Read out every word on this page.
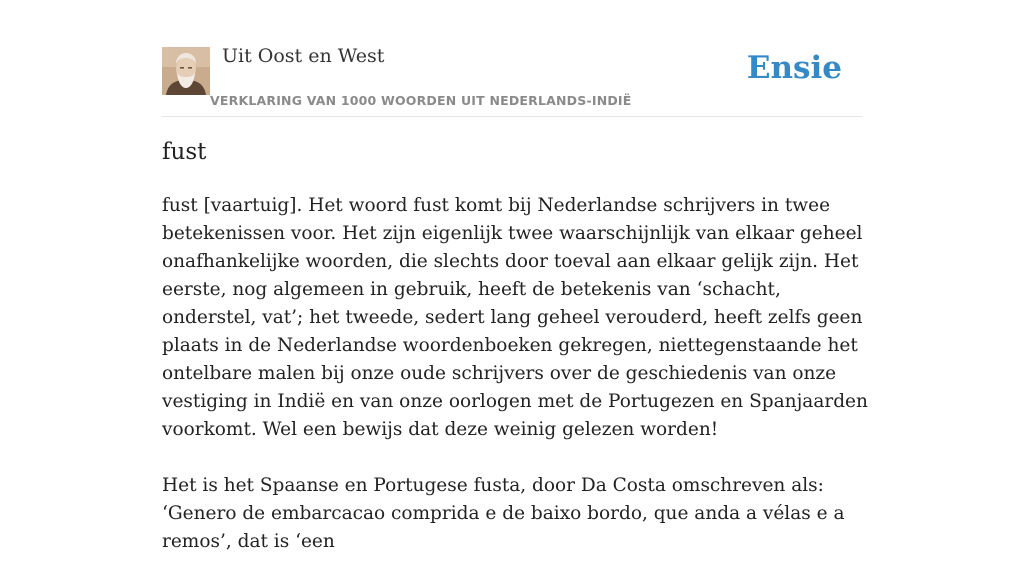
Uit Oost en West
VERKLARING VAN 1000 WOORDEN UIT NEDERLANDS-INDIË
Ensie
fust

fust [vaartuig]. Het woord fust komt bij Nederlandse schrijvers in twee betekenissen voor. Het zijn eigenlijk twee waarschijnlijk van elkaar geheel onafhankelijke woorden, die slechts door toeval aan elkaar gelijk zijn. Het eerste, nog algemeen in gebruik, heeft de betekenis van ‘schacht, onderstel, vat’; het tweede, sedert lang geheel verouderd, heeft zelfs geen plaats in de Nederlandse woordenboeken gekregen, niettegenstaande het ontelbare malen bij onze oude schrijvers over de geschiedenis van onze vestiging in Indië en van onze oorlogen met de Portugezen en Spanjaarden voorkomt. Wel een bewijs dat deze weinig gelezen worden!

Het is het Spaanse en Portugese fusta, door Da Costa omschreven als: ‘Genero de embarcacao comprida e de baixo bordo, que anda a vélas e a remos’, dat is ‘een
